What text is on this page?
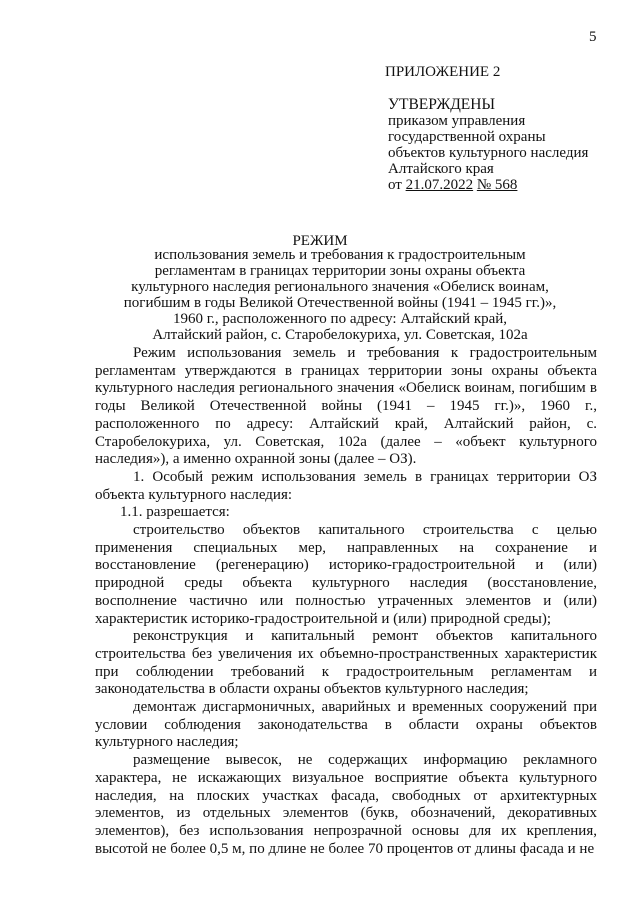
5
ПРИЛОЖЕНИЕ 2
УТВЕРЖДЕНЫ
приказом управления
государственной охраны
объектов культурного наследия
Алтайского края
от 21.07.2022 № 568
РЕЖИМ
использования земель и требования к градостроительным
регламентам в границах территории зоны охраны объекта
культурного наследия регионального значения «Обелиск воинам,
погибшим в годы Великой Отечественной войны (1941 – 1945 гг.)»,
1960 г., расположенного по адресу: Алтайский край,
Алтайский район, с. Старобелокуриха, ул. Советская, 102а

Режим использования земель и требования к градостроительным регламентам утверждаются в границах территории зоны охраны объекта культурного наследия регионального значения «Обелиск воинам, погибшим в годы Великой Отечественной войны (1941 – 1945 гг.)», 1960 г., расположенного по адресу: Алтайский край, Алтайский район, с. Старобелокуриха, ул. Советская, 102а (далее – «объект культурного наследия»), а именно охранной зоны (далее – ОЗ).

1. Особый режим использования земель в границах территории ОЗ объекта культурного наследия:

1.1. разрешается:

строительство объектов капитального строительства с целью применения специальных мер, направленных на сохранение и восстановление (регенерацию) историко-градостроительной и (или) природной среды объекта культурного наследия (восстановление, восполнение частично или полностью утраченных элементов и (или) характеристик историко-градостроительной и (или) природной среды);

реконструкция и капитальный ремонт объектов капитального строительства без увеличения их объемно-пространственных характеристик при соблюдении требований к градостроительным регламентам и законодательства в области охраны объектов культурного наследия;

демонтаж дисгармоничных, аварийных и временных сооружений при условии соблюдения законодательства в области охраны объектов культурного наследия;

размещение вывесок, не содержащих информацию рекламного характера, не искажающих визуальное восприятие объекта культурного наследия, на плоских участках фасада, свободных от архитектурных элементов, из отдельных элементов (букв, обозначений, декоративных элементов), без использования непрозрачной основы для их крепления, высотой не более 0,5 м, по длине не более 70 процентов от длины фасада и не
